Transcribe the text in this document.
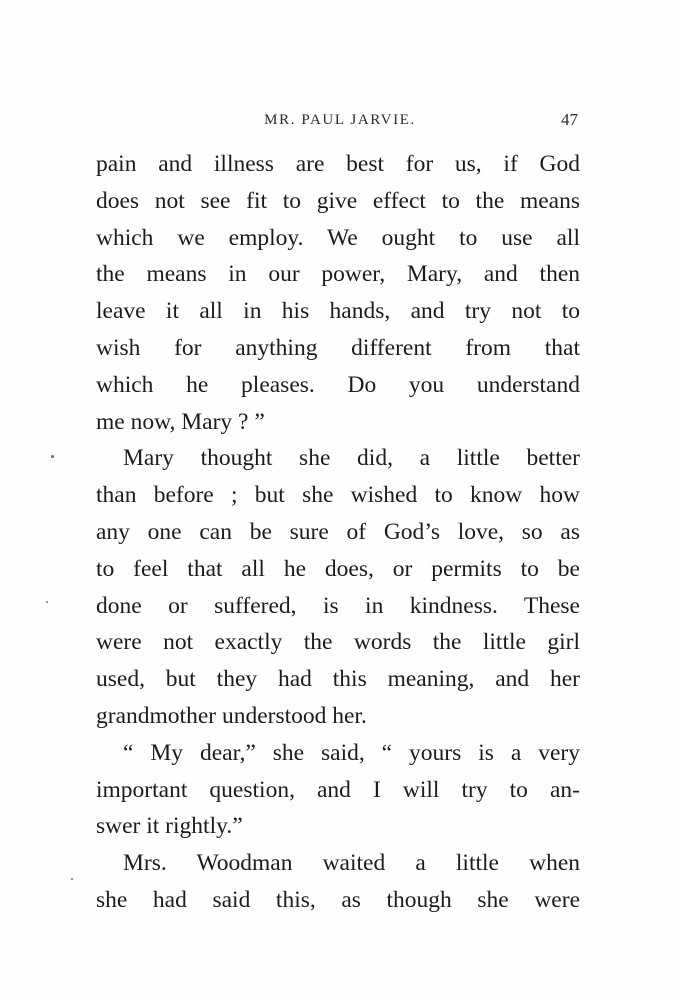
MR. PAUL JARVIE.	47
pain and illness are best for us, if God
does not see fit to give effect to the means
which we employ. We ought to use all
the means in our power, Mary, and then
leave it all in his hands, and try not to
wish for anything different from that
which he pleases. Do you understand
me now, Mary ? ”
Mary thought she did, a little better
than before ; but she wished to know how
any one can be sure of God’s love, so as
to feel that all he does, or permits to be
done or suffered, is in kindness. These
were not exactly the words the little girl
used, but they had this meaning, and her
grandmother understood her.
“ My dear,” she said, “ yours is a very
important question, and I will try to an-
swer it rightly.”
Mrs. Woodman waited a little when
she had said this, as though she were
